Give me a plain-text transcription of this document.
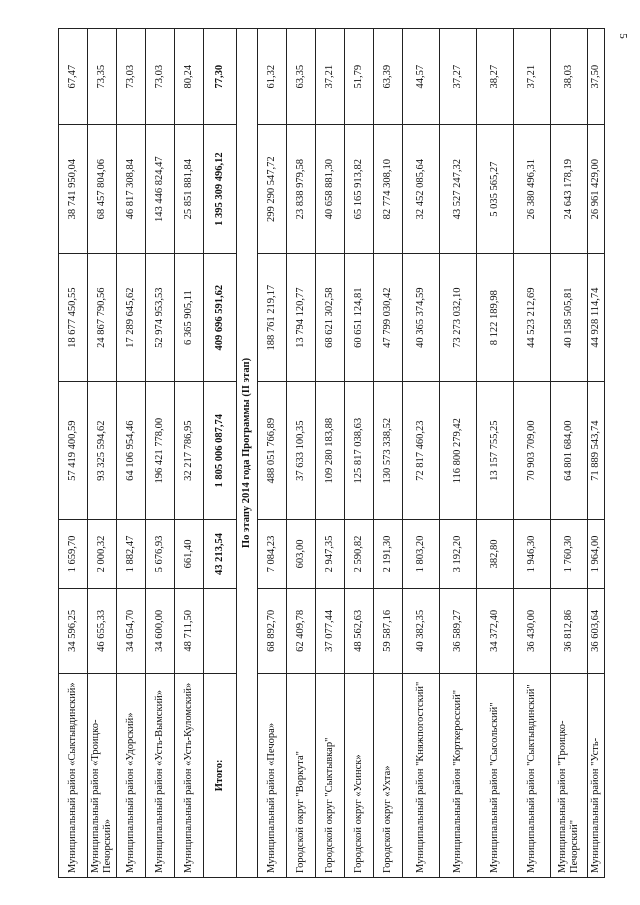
5
Муниципальный район «Сыктывдинский»	34 596,25	1 659,70	57 419 400,59	18 677 450,55	38 741 950,04	67,47
Муниципальный район «Троицко-Печорский»	46 655,33	2 000,32	93 325 594,62	24 867 790,56	68 457 804,06	73,35
Муниципальный район «Удорский»	34 054,70	1 882,47	64 106 954,46	17 289 645,62	46 817 308,84	73,03
Муниципальный район «Усть-Вымский»	34 600,00	5 676,93	196 421 778,00	52 974 953,53	143 446 824,47	73,03
Муниципальный район «Усть-Куломский»	48 711,50	661,40	32 217 786,95	6 365 905,11	25 851 881,84	80,24
Итого:		43 213,54	1 805 006 087,74	409 696 591,62	1 395 309 496,12	77,30
По этапу 2014 года Программы (II этап)						
Муниципальный район «Печора»	68 892,70	7 084,23	488 051 766,89	188 761 219,17	299 290 547,72	61,32
Городской округ "Воркута"	62 409,78	603,00	37 633 100,35	13 794 120,77	23 838 979,58	63,35
Городской округ "Сыктывкар"	37 077,44	2 947,35	109 280 183,88	68 621 302,58	40 658 881,30	37,21
Городской округ «Усинск»	48 562,63	2 590,82	125 817 038,63	60 651 124,81	65 165 913,82	51,79
Городской округ «Ухта»	59 587,16	2 191,30	130 573 338,52	47 799 030,42	82 774 308,10	63,39
Муниципальный район "Княжпогостский"	40 382,35	1 803,20	72 817 460,23	40 365 374,59	32 452 085,64	44,57
Муниципальный район "Корткеросский"	36 589,27	3 192,20	116 800 279,42	73 273 032,10	43 527 247,32	37,27
Муниципальный район "Сысольский"	34 372,40	382,80	13 157 755,25	8 122 189,98	5 035 565,27	38,27
Муниципальный район "Сыктывдинский"	36 430,00	1 946,30	70 903 709,00	44 523 212,69	26 380 496,31	37,21
Муниципальный район "Троицко-Печорский"	36 812,86	1 760,30	64 801 684,00	40 158 505,81	24 643 178,19	38,03
Муниципальный район "Усть-	36 603,64	1 964,00	71 889 543,74	44 928 114,74	26 961 429,00	37,50
